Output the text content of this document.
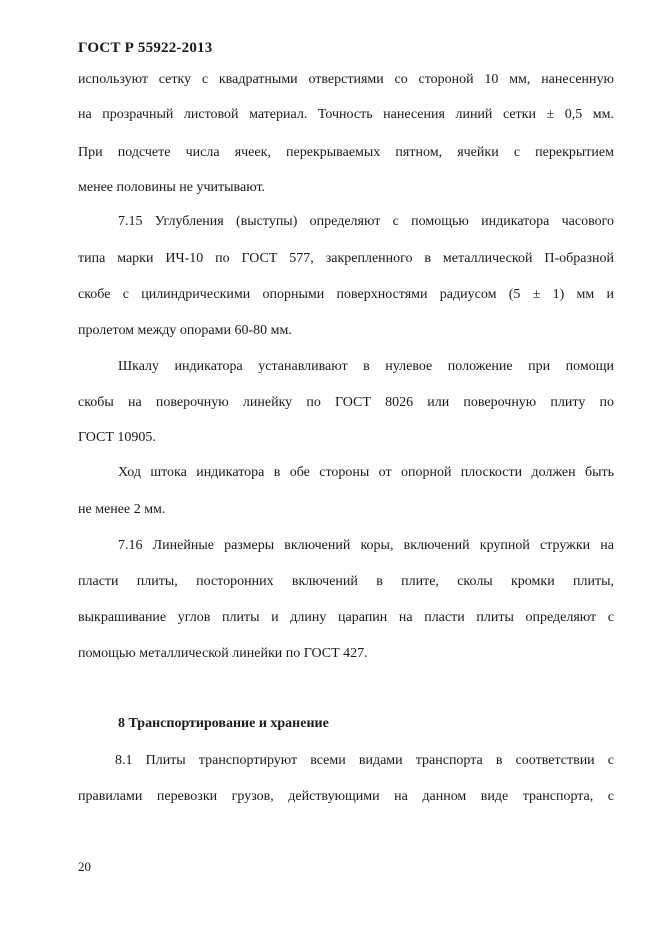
ГОСТ Р 55922-2013
используют сетку с квадратными отверстиями со стороной 10 мм, нанесенную
на прозрачный листовой материал. Точность нанесения линий сетки ± 0,5 мм.
При подсчете числа ячеек, перекрываемых пятном, ячейки с перекрытием
менее половины не учитывают.
7.15 Углубления (выступы) определяют с помощью индикатора часового
типа марки ИЧ-10 по ГОСТ 577, закрепленного в металлической П-образной
скобе с цилиндрическими опорными поверхностями радиусом (5 ± 1) мм и
пролетом между опорами 60-80 мм.
Шкалу индикатора устанавливают в нулевое положение при помощи
скобы на поверочную линейку по ГОСТ 8026 или поверочную плиту по
ГОСТ 10905.
Ход штока индикатора в обе стороны от опорной плоскости должен быть
не менее 2 мм.
7.16 Линейные размеры включений коры, включений крупной стружки на
пласти плиты, посторонних включений в плите, сколы кромки плиты,
выкрашивание углов плиты и длину царапин на пласти плиты определяют с
помощью металлической линейки по ГОСТ 427.
8 Транспортирование и хранение
8.1 Плиты транспортируют всеми видами транспорта в соответствии с
правилами перевозки грузов, действующими на данном виде транспорта, с
20
